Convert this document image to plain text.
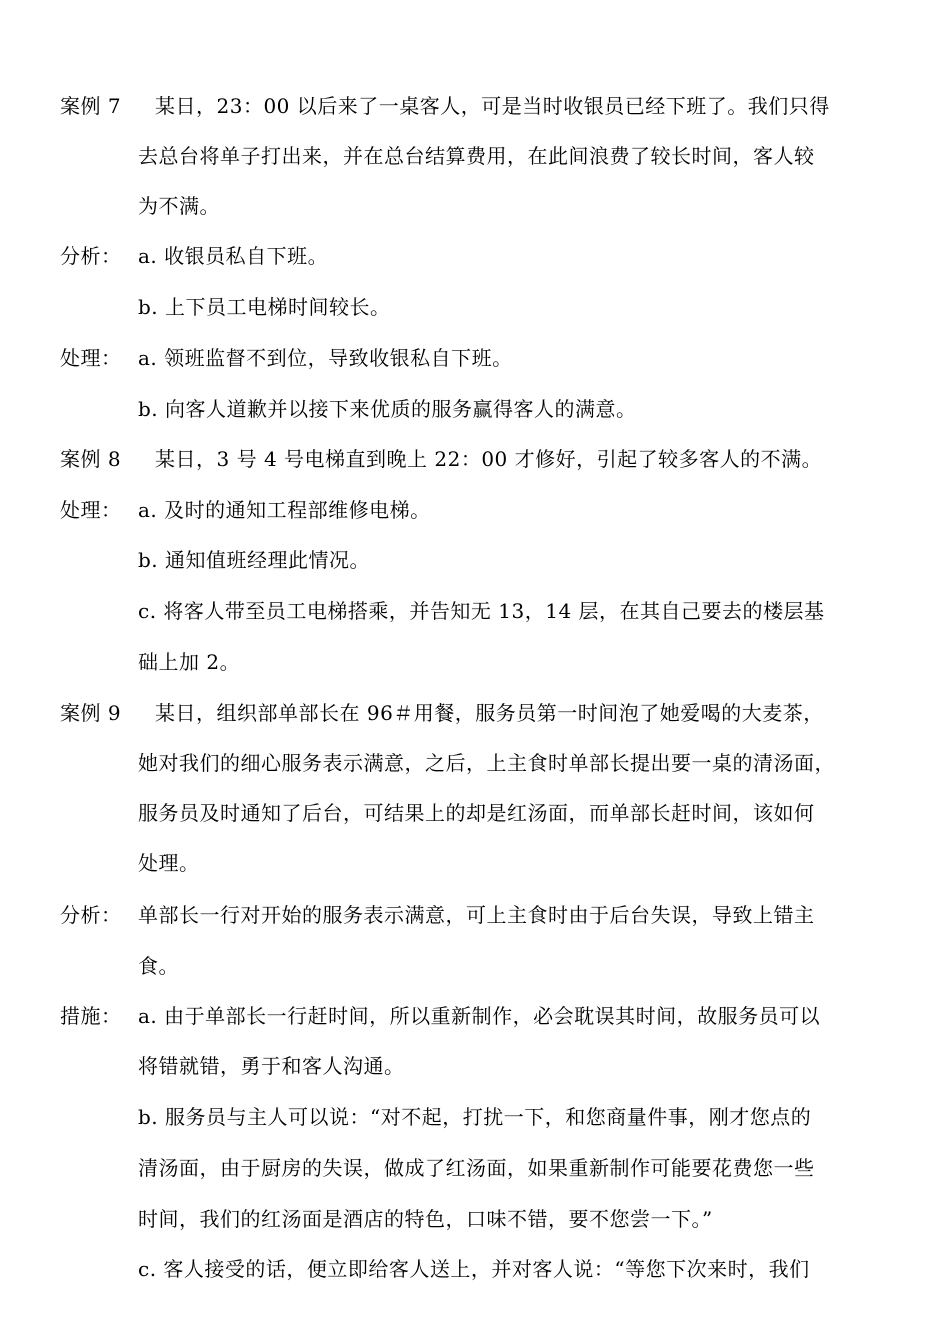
案例 7 某日，23：00 以后来了一桌客人，可是当时收银员已经下班了。我们只得
去总台将单子打出来，并在总台结算费用，在此间浪费了较长时间，客人较
为不满。
分析： a. 收银员私自下班。
b. 上下员工电梯时间较长。
处理： a. 领班监督不到位，导致收银私自下班。
b. 向客人道歉并以接下来优质的服务赢得客人的满意。
案例 8 某日，3 号 4 号电梯直到晚上 22：00 才修好，引起了较多客人的不满。
处理： a. 及时的通知工程部维修电梯。
b. 通知值班经理此情况。
c. 将客人带至员工电梯搭乘，并告知无 13，14 层，在其自己要去的楼层基
础上加 2。
案例 9 某日，组织部单部长在 96＃用餐，服务员第一时间泡了她爱喝的大麦茶，
她对我们的细心服务表示满意，之后，上主食时单部长提出要一桌的清汤面，
服务员及时通知了后台，可结果上的却是红汤面，而单部长赶时间，该如何
处理。
分析： 单部长一行对开始的服务表示满意，可上主食时由于后台失误，导致上错主
食。
措施： a. 由于单部长一行赶时间，所以重新制作，必会耽误其时间，故服务员可以
将错就错，勇于和客人沟通。
b. 服务员与主人可以说：“对不起，打扰一下，和您商量件事，刚才您点的
清汤面，由于厨房的失误，做成了红汤面，如果重新制作可能要花费您一些
时间，我们的红汤面是酒店的特色，口味不错，要不您尝一下。”
c. 客人接受的话，便立即给客人送上，并对客人说：“等您下次来时，我们
